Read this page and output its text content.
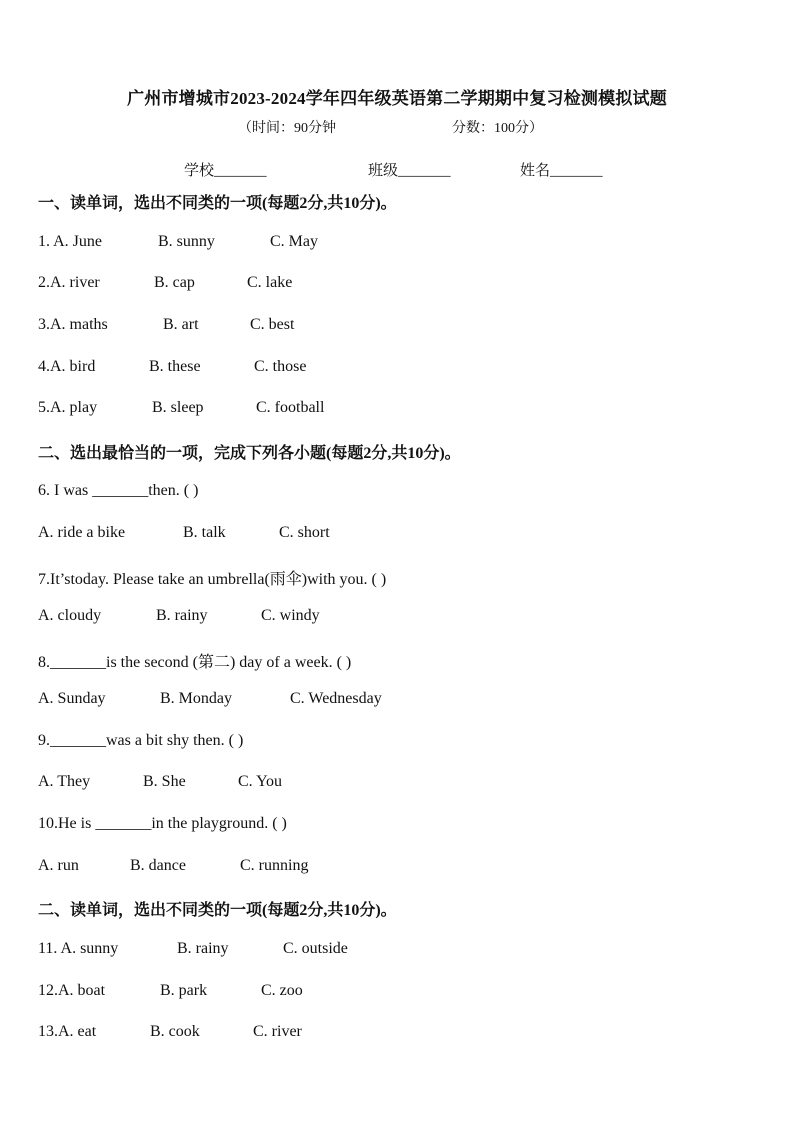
广州市增城市2023-2024学年四年级英语第二学期期中复习检测模拟试题
（时间：90分钟	分数：100分）
学校_______	班级_______	姓名_______
一、读单词，选出不同类的一项(每题2分,共10分)。
1. A. June	B. sunny	C. May
2.A. river	B. cap	C. lake
3.A. maths	B. art	C. best
4.A. bird	B. these	C. those
5.A. play	B. sleep	C. football
二、选出最恰当的一项，完成下列各小题(每题2分,共10分)。
6. I was _______then. ( )
A. ride a bike	B. talk	C. short
7.It’stoday. Please take an umbrella(雨伞)with you. ( )
A. cloudy	B. rainy	C. windy
8._______is the second (第二) day of a week. ( )
A. Sunday	B. Monday	C. Wednesday
9._______was a bit shy then. ( )
A. They	B. She	C. You
10.He is _______in the playground. ( )
A. run	B. dance	C. running
二、读单词，选出不同类的一项(每题2分,共10分)。
11. A. sunny	B. rainy	C. outside
12.A. boat	B. park	C. zoo
13.A. eat	B. cook	C. river
